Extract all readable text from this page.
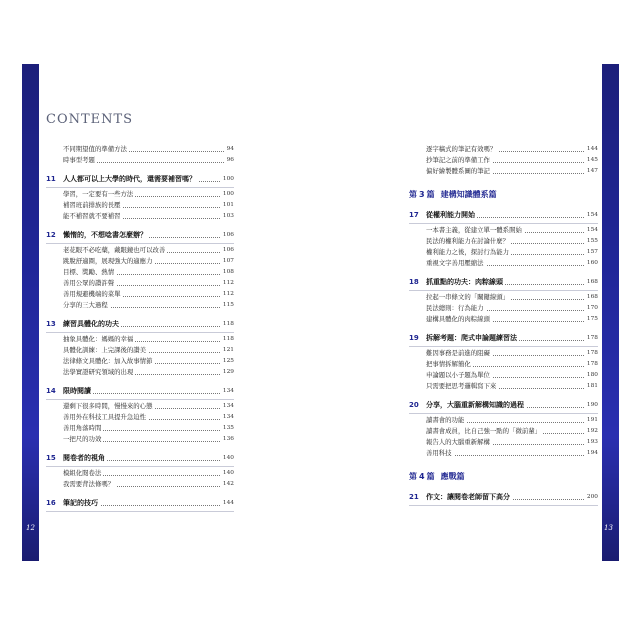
12	13
CONTENTS
不同期望值的準備方法	94
時事型考題	96
11 人人都可以上大學的時代，還需要補習嗎？	100
學習，一定要有一些方法	100
補習班前排族的長壓	101
能不補習就不要補習	103
12 懶惰的，不想唸書怎麼辦？	106
老花眼不必吃藥，戴眼鏡也可以改善	106
跳脫舒適圈，展現強大的適應力	107
目標、獎勵、熱情	108
善用公眾的讚許聲	112
善用規避機端的菜單	112
分享的三大過程	115
13 練習具體化的功夫	118
抽象具體化：媽媽的幸福	118
具體化訓練：上完課後的讚美	121
法律條文具體化：加入故事情節	125
法學實證研究領域的出現	129
14 限時閱讀	134
還剩下很多時間，慢慢來的心態	134
善用外在科技工具提升急迫性	134
善用角落時間	135
一把尺的功效	136
15 閱卷者的視角	140
模組化閱卷法	140
我需要背法條嗎？	142
16 筆記的技巧	144
逐字稿式的筆記有效嗎？	144
抄筆記之前的準備工作	145
偏好繪製體系圖的筆記	147
第 3 篇 建構知識體系篇
17 從權利能力開始	154
一本書主義，從建立單一體系開始	154
民法的權利能力在討論什麼？	155
權利能力之後，探討行為能力	157
重視文字善用壓縮法	160
18 抓重點的功夫：肉粽線頭	168
拉起一串條文的「關鍵線頭」	168
民法總則：行為能力	170
建構具體化的肉粽線頭	175
19 拆解考題：爬式申論題練習法	178
難因事務是前進的阻礙	178
把事情拆解簡化	178
申論題以小子題為單位	180
只需要把思考邏輯寫下來	181
20 分享，大腦重新解構知識的過程	190
讀書會的功能	191
讀書會成員，比自己強一點的「微前輩」	192
報告人的大腦重新解構	193
善用科技	194
第 4 篇 應戰篇
21 作文：讓閱卷老師留下高分	200
